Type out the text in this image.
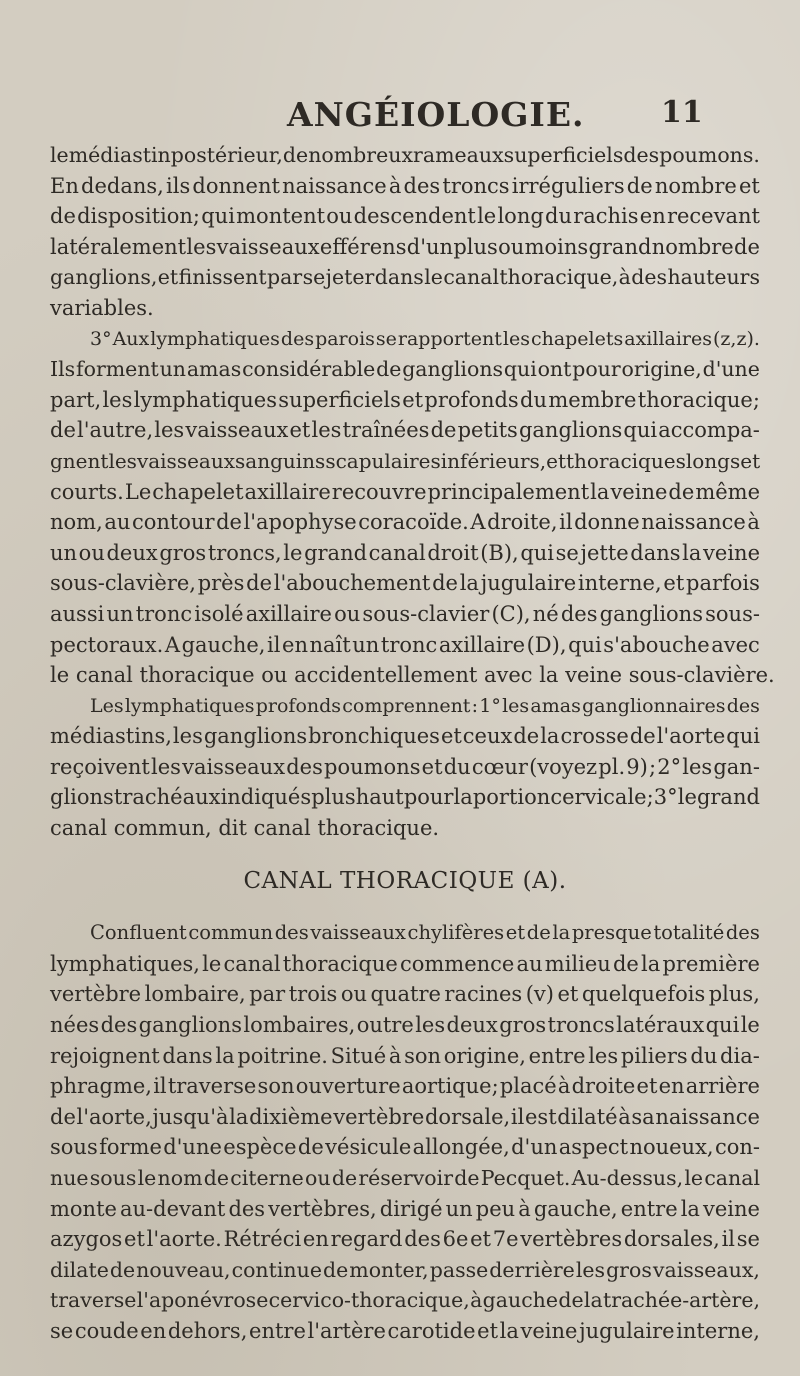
ANGÉIOLOGIE.	11
le médiastin postérieur, de nombreux rameaux superficiels des poumons.
En dedans, ils donnent naissance à des troncs irréguliers de nombre et
de disposition; qui montent ou descendent le long du rachis en recevant
latéralement les vaisseaux efférens d'un plus ou moins grand nombre de
ganglions, et finissent par se jeter dans le canal thoracique, à des hauteurs
variables.
3° Aux lymphatiques des parois se rapportent les chapelets axillaires (z,z).
Ils forment un amas considérable de ganglions qui ont pour origine, d'une
part, les lymphatiques superficiels et profonds du membre thoracique;
de l'autre, les vaisseaux et les traînées de petits ganglions qui accompa-
gnent les vaisseaux sanguins scapulaires inférieurs, et thoraciques longs et
courts. Le chapelet axillaire recouvre principalement la veine de même
nom, au contour de l'apophyse coracoïde. A droite, il donne naissance à
un ou deux gros troncs, le grand canal droit (B), qui se jette dans la veine
sous-clavière, près de l'abouchement de la jugulaire interne, et parfois
aussi un tronc isolé axillaire ou sous-clavier (C), né des ganglions sous-
pectoraux. A gauche, il en naît un tronc axillaire (D), qui s'abouche avec
le canal thoracique ou accidentellement avec la veine sous-clavière.
Les lymphatiques profonds comprennent : 1° les amas ganglionnaires des
médiastins, les ganglions bronchiques et ceux de la crosse de l'aorte qui
reçoivent les vaisseaux des poumons et du cœur (voyez pl. 9) ; 2° les gan-
glions trachéaux indiqués plus haut pour la portion cervicale ; 3° le grand
canal commun, dit canal thoracique.
CANAL THORACIQUE (A).
Confluent commun des vaisseaux chylifères et de la presque totalité des
lymphatiques, le canal thoracique commence au milieu de la première
vertèbre lombaire, par trois ou quatre racines (v) et quelquefois plus,
nées des ganglions lombaires, outre les deux gros troncs latéraux qui le
rejoignent dans la poitrine. Situé à son origine, entre les piliers du dia-
phragme, il traverse son ouverture aortique; placé à droite et en arrière
de l'aorte, jusqu'à la dixième vertèbre dorsale, il est dilaté à sa naissance
sous forme d'une espèce de vésicule allongée, d'un aspect noueux, con-
nue sous le nom de citerne ou de réservoir de Pecquet. Au-dessus, le canal
monte au-devant des vertèbres, dirigé un peu à gauche, entre la veine
azygos et l'aorte. Rétréci en regard des 6e et 7e vertèbres dorsales, il se
dilate de nouveau, continue de monter, passe derrière les gros vaisseaux,
traverse l'aponévrose cervico-thoracique, à gauche de la trachée-artère,
se coude en dehors, entre l'artère carotide et la veine jugulaire interne,
